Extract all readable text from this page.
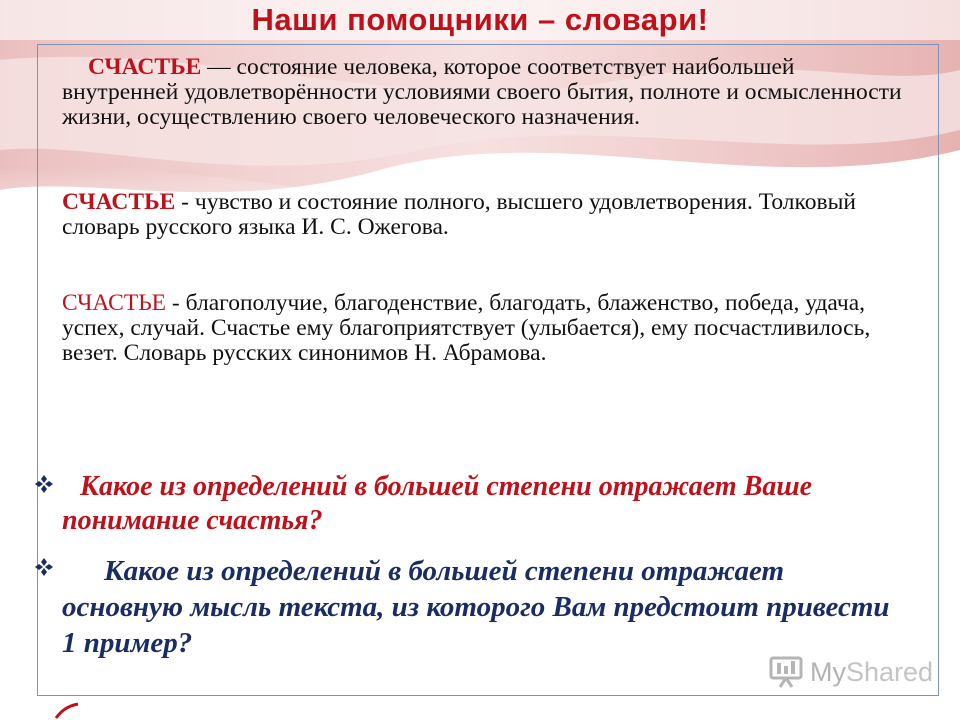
Наши помощники – словари!

СЧАСТЬЕ — состояние человека, которое соответствует наибольшей внутренней удовлетворённости условиями своего бытия, полноте и осмысленности жизни, осуществлению своего человеческого назначения.

СЧАСТЬЕ - чувство и состояние полного, высшего удовлетворения. Толковый словарь русского языка И. С. Ожегова.

СЧАСТЬЕ - благополучие, благоденствие, благодать, блаженство, победа, удача, успех, случай. Счастье ему благоприятствует (улыбается), ему посчастливилось, везет. Словарь русских синонимов Н. Абрамова.

Какое из определений в большей степени отражает Ваше понимание счастья?
Какое из определений в большей степени отражает основную мысль текста, из которого Вам предстоит привести 1 пример?
MyShared
